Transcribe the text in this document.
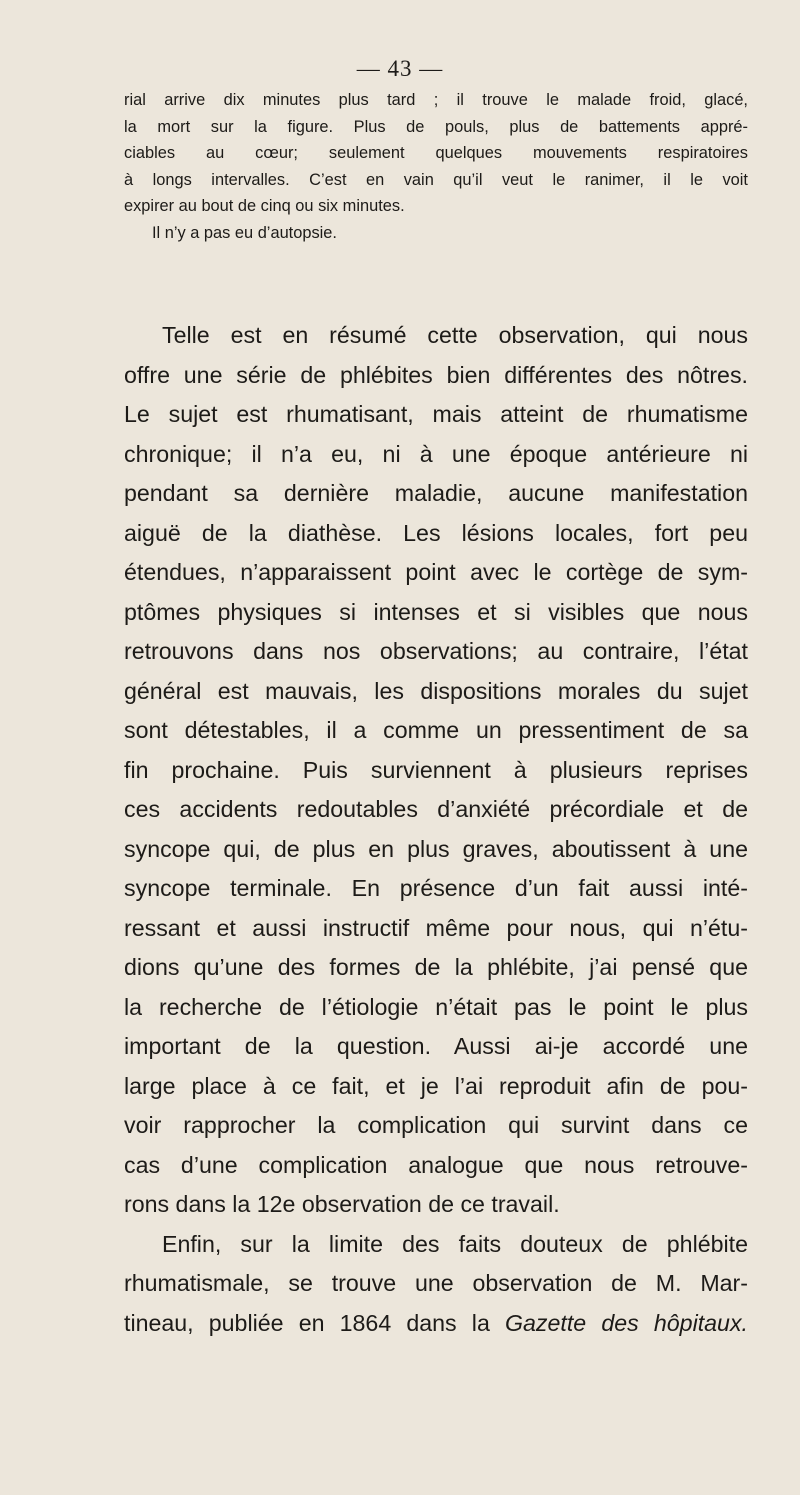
— 43 —
rial arrive dix minutes plus tard ; il trouve le malade froid, glacé,
la mort sur la figure. Plus de pouls, plus de battements appré-
ciables au cœur; seulement quelques mouvements respiratoires
à longs intervalles. C’est en vain qu’il veut le ranimer, il le voit
expirer au bout de cinq ou six minutes.
Il n’y a pas eu d’autopsie.
Telle est en résumé cette observation, qui nous
offre une série de phlébites bien différentes des nôtres.
Le sujet est rhumatisant, mais atteint de rhumatisme
chronique; il n’a eu, ni à une époque antérieure ni
pendant sa dernière maladie, aucune manifestation
aiguë de la diathèse. Les lésions locales, fort peu
étendues, n’apparaissent point avec le cortège de sym-
ptômes physiques si intenses et si visibles que nous
retrouvons dans nos observations; au contraire, l’état
général est mauvais, les dispositions morales du sujet
sont détestables, il a comme un pressentiment de sa
fin prochaine. Puis surviennent à plusieurs reprises
ces accidents redoutables d’anxiété précordiale et de
syncope qui, de plus en plus graves, aboutissent à une
syncope terminale. En présence d’un fait aussi inté-
ressant et aussi instructif même pour nous, qui n’étu-
dions qu’une des formes de la phlébite, j’ai pensé que
la recherche de l’étiologie n’était pas le point le plus
important de la question. Aussi ai-je accordé une
large place à ce fait, et je l’ai reproduit afin de pou-
voir rapprocher la complication qui survint dans ce
cas d’une complication analogue que nous retrouve-
rons dans la 12e observation de ce travail.
Enfin, sur la limite des faits douteux de phlébite
rhumatismale, se trouve une observation de M. Mar-
tineau, publiée en 1864 dans la Gazette des hôpitaux.
